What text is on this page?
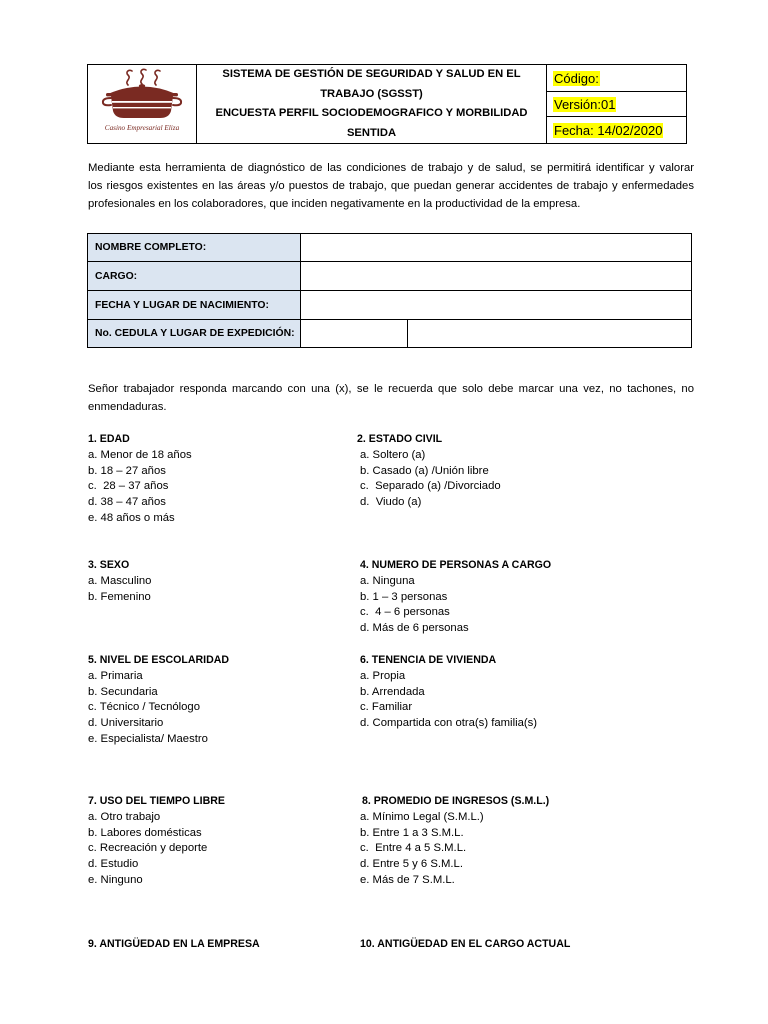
Casino Empresarial Eliza
SISTEMA DE GESTIÓN DE SEGURIDAD Y SALUD EN EL TRABAJO (SGSST)
ENCUESTA PERFIL SOCIODEMOGRAFICO Y MORBILIDAD SENTIDA
Código:
Versión:01
Fecha: 14/02/2020
Mediante esta herramienta de diagnóstico de las condiciones de trabajo y de salud, se permitirá identificar y valorar
los riesgos existentes en las áreas y/o puestos de trabajo, que puedan generar accidentes de trabajo y enfermedades
profesionales en los colaboradores, que inciden negativamente en la productividad de la empresa.
NOMBRE COMPLETO:		
CARGO:		
FECHA Y LUGAR DE NACIMIENTO:		
No. CEDULA Y LUGAR DE EXPEDICIÓN:		
Señor trabajador responda marcando con una (x), se le recuerda que solo debe marcar una vez, no tachones, no
enmendaduras.
1. EDAD
a. Menor de 18 años
b. 18 – 27 años
c.  28 – 37 años
d. 38 – 47 años
e. 48 años o más
2. ESTADO CIVIL
a. Soltero (a)
b. Casado (a) /Unión libre
c.  Separado (a) /Divorciado
d.  Viudo (a)
3. SEXO
a. Masculino
b. Femenino
4. NUMERO DE PERSONAS A CARGO
a. Ninguna
b. 1 – 3 personas
c.  4 – 6 personas
d. Más de 6 personas
5. NIVEL DE ESCOLARIDAD
a. Primaria
b. Secundaria
c. Técnico / Tecnólogo
d. Universitario
e. Especialista/ Maestro
6. TENENCIA DE VIVIENDA
a. Propia
b. Arrendada
c. Familiar
d. Compartida con otra(s) familia(s)
7. USO DEL TIEMPO LIBRE
a. Otro trabajo
b. Labores domésticas
c. Recreación y deporte
d. Estudio
e. Ninguno
8. PROMEDIO DE INGRESOS (S.M.L.)
a. Mínimo Legal (S.M.L.)
b. Entre 1 a 3 S.M.L.
c.  Entre 4 a 5 S.M.L.
d. Entre 5 y 6 S.M.L.
e. Más de 7 S.M.L.
9. ANTIGÜEDAD EN LA EMPRESA	10. ANTIGÜEDAD EN EL CARGO ACTUAL
